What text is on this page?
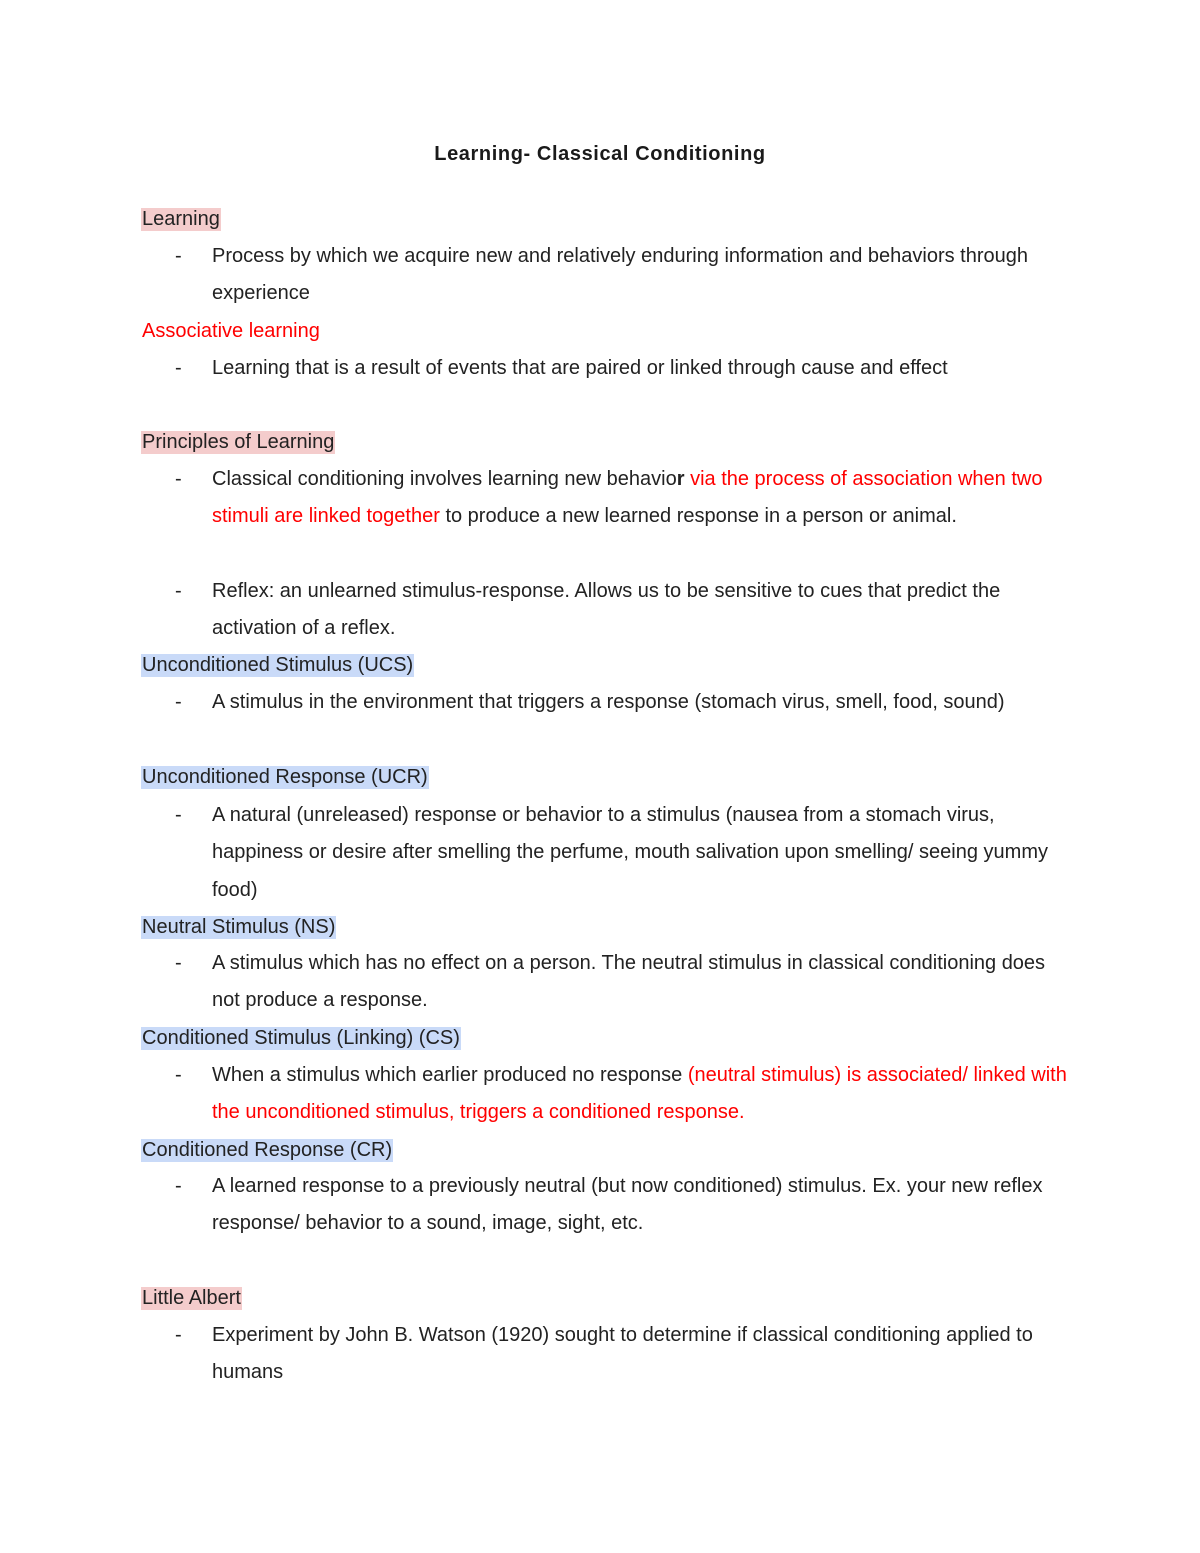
Learning- Classical Conditioning
Learning
- Process by which we acquire new and relatively enduring information and behaviors through experience
Associative learning
- Learning that is a result of events that are paired or linked through cause and effect
Principles of Learning
- Classical conditioning involves learning new behavior via the process of association when two stimuli are linked together to produce a new learned response in a person or animal.
- Reflex: an unlearned stimulus-response. Allows us to be sensitive to cues that predict the activation of a reflex.
Unconditioned Stimulus (UCS)
- A stimulus in the environment that triggers a response (stomach virus, smell, food, sound)
Unconditioned Response (UCR)
- A natural (unreleased) response or behavior to a stimulus (nausea from a stomach virus, happiness or desire after smelling the perfume, mouth salivation upon smelling/ seeing yummy food)
Neutral Stimulus (NS)
- A stimulus which has no effect on a person. The neutral stimulus in classical conditioning does not produce a response.
Conditioned Stimulus (Linking) (CS)
- When a stimulus which earlier produced no response (neutral stimulus) is associated/ linked with the unconditioned stimulus, triggers a conditioned response.
Conditioned Response (CR)
- A learned response to a previously neutral (but now conditioned) stimulus. Ex. your new reflex response/ behavior to a sound, image, sight, etc.
Little Albert
- Experiment by John B. Watson (1920) sought to determine if classical conditioning applied to humans
